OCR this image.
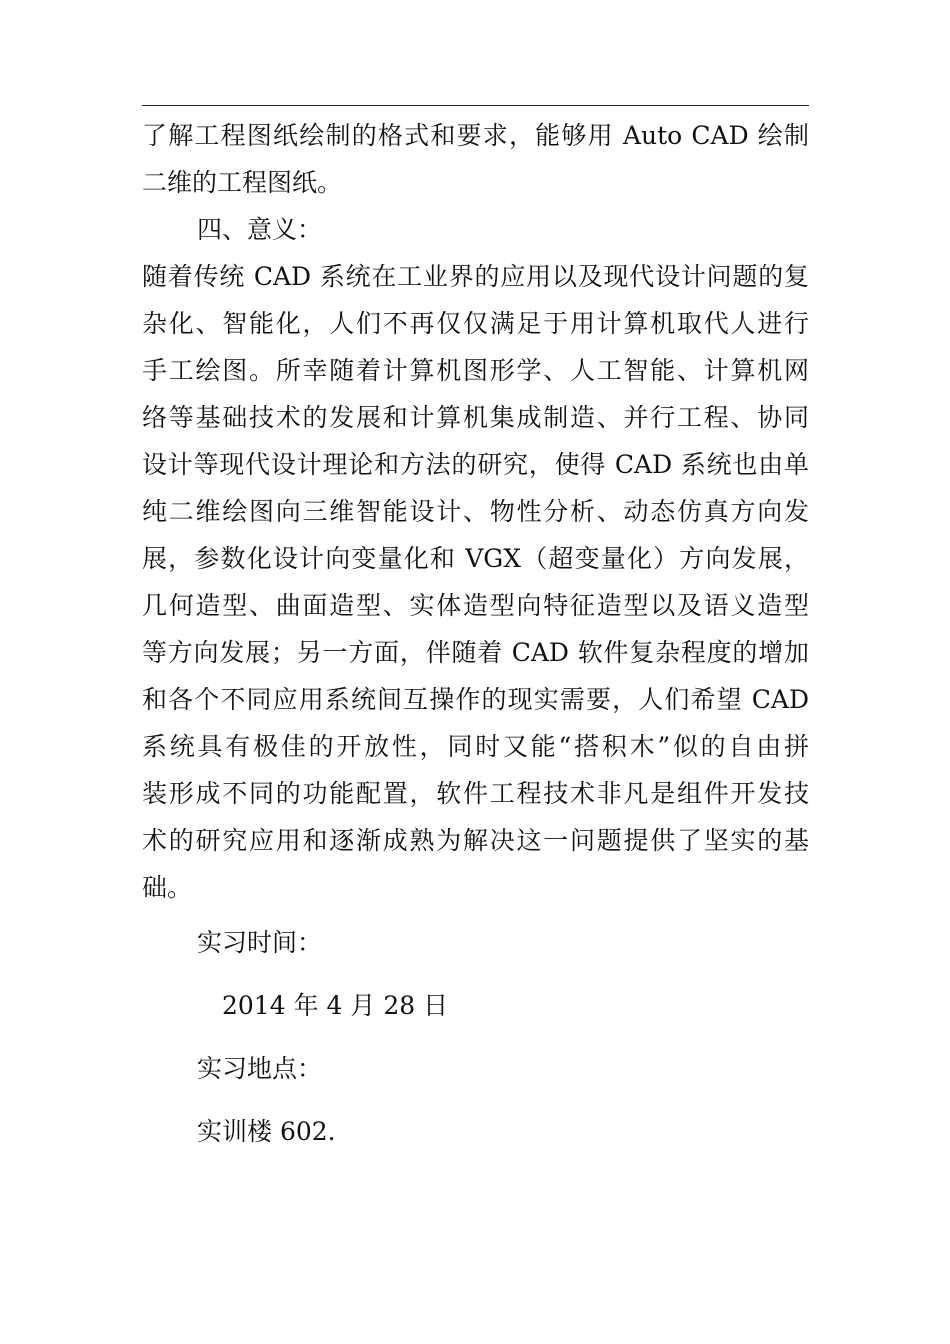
了解工程图纸绘制的格式和要求，能够用 Auto CAD 绘制
二维的工程图纸。
四、意义：
随着传统 CAD 系统在工业界的应用以及现代设计问题的复
杂化、智能化，人们不再仅仅满足于用计算机取代人进行
手工绘图。所幸随着计算机图形学、人工智能、计算机网
络等基础技术的发展和计算机集成制造、并行工程、协同
设计等现代设计理论和方法的研究，使得 CAD 系统也由单
纯二维绘图向三维智能设计、物性分析、动态仿真方向发
展，参数化设计向变量化和 VGX（超变量化）方向发展，
几何造型、曲面造型、实体造型向特征造型以及语义造型
等方向发展；另一方面，伴随着 CAD 软件复杂程度的增加
和各个不同应用系统间互操作的现实需要，人们希望 CAD
系统具有极佳的开放性，同时又能“搭积木”似的自由拼
装形成不同的功能配置，软件工程技术非凡是组件开发技
术的研究应用和逐渐成熟为解决这一问题提供了坚实的基
础。
实习时间：
2014 年 4 月 28 日
实习地点：
实训楼 602.
